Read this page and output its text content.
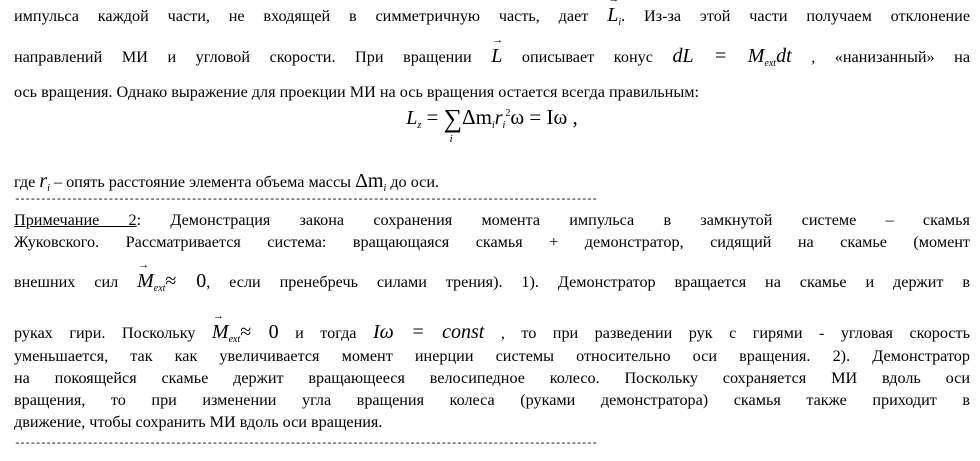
импульса каждой части, не входящей в симметричную часть, дает → $L_i$. Из-за этой части получаем отклонение
направлений МИ и угловой скорости. При вращении → L описывает конус dL = $M_{ext}dt$ , «нанизанный» на
ось вращения. Однако выражение для проекции МИ на ось вращения остается всегда правильным:
$L_z$ = ∑
i
$\Delta m_ir_i^2\omega = I\omega$ ,
где $r_i$ – опять расстояние элемента объема массы $\Delta m_i$ до оси.
----------------------------------------------------------------------------------------------------------------
Примечание 2: Демонстрация закона сохранения момента импульса в замкнутой системе – скамья
Жуковского. Рассматривается система: вращающаяся скамья + демонстратор, сидящий на скамье (момент
внешних сил → $M_{ext}\approx 0$, если пренебречь силами трения). 1). Демонстратор вращается на скамье и держит в
руках гири. Поскольку → $M_{ext}\approx 0$ и тогда Iω = const , то при разведении рук с гирями - угловая скорость
уменьшается, так как увеличивается момент инерции системы относительно оси вращения. 2). Демонстратор
на покоящейся скамье держит вращающееся велосипедное колесо. Поскольку сохраняется МИ вдоль оси
вращения, то при изменении угла вращения колеса (руками демонстратора) скамья также приходит в
движение, чтобы сохранить МИ вдоль оси вращения.
----------------------------------------------------------------------------------------------------------------
